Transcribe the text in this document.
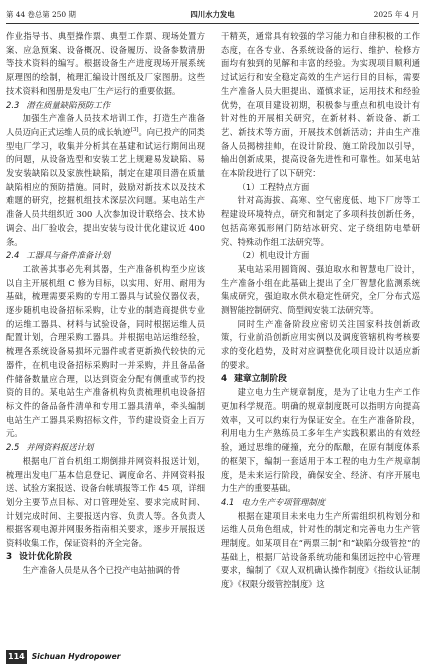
第 44 卷总第 250 期	四川水力发电	2025 年 4 月

作业指导书、典型操作票、典型工作票、现场处置方案、应急预案、设备概况、设备履历、设备参数清册等技术资料的编写。根据设备生产进度现场开展系统原理图的绘制，梳理汇编设计图纸及厂家图册。这些技术资料和图册是发电厂生产运行的重要依据。

2.3 潜在质量缺陷预防工作

加强生产准备人员技术培训工作，打造生产准备人员迈向正式运维人员的成长轨迹[3]。向已投产的同类型电厂学习，收集并分析其在基建和试运行期间出现的问题，从设备选型和安装工艺上规避易发缺陷、易发安装缺陷以及家族性缺陷，制定在建项目潜在质量缺陷相应的预防措施。同时，鼓励对新技术以及技术难题的研究，挖掘机组技术深层次问题。某电站生产准备人员共组织近 300 人次参加设计联络会、技术协调会、出厂验收会，提出安装与设计优化建议近 400 条。

2.4 工器具与备件准备计划

工欲善其事必先利其器，生产准备机构至少应该以自主开展机组 C 修为目标，以实用、好用、耐用为基础，梳理需要采购的专用工器具与试验仪器仪表，逐步随机电设备招标采购，让专业的制造商提供专业的运维工器具、材料与试验设备，同时根据运维人员配置计划，合理采购工器具。并根据电站运维经验，梳理各系统设备易损坏元器件或者更新换代较快的元器件，在机电设备招标采购时一并采购，并且备品备件储备数量应合理，以达到资金分配有侧重或节约投资的目的。某电站生产准备机构负责梳理机电设备招标文件的备品备件清单和专用工器具清单，牵头编制电站生产工器具采购招标文件，节约建设资金上百万元。

2.5 并网资料报送计划

根据电厂首台机组工期倒排并网资料报送计划，梳理出发电厂基本信息登记、调度命名、并网资料报送、试验方案报送、设备台帐填报等工作 45 项，详细划分主要节点目标、对口管理处室、要求完成时间、计划完成时间、主要报送内容、负责人等。各负责人根据客观电源并网服务指南相关要求，逐步开展报送资料收集工作，保证资料的齐全完备。

3 设计优化阶段

生产准备人员是从各个已投产电站抽调的骨

干精英，通常具有较强的学习能力和自律积极的工作态度，在各专业、各系统设备的运行、维护、检修方面均有独到的见解和丰富的经验。为实现项目顺利通过试运行和安全稳定高效的生产运行目的目标，需要生产准备人员大胆提出、谨慎求证，运用技术和经验优势，在项目建设初期，积极参与重点和机电设计有针对性的开展相关研究，在新材料、新设备、新工艺、新技术等方面，开展技术创新活动；并由生产准备人员揭榜挂帅，在设计阶段、施工阶段加以引导，输出创新成果，提高设备先进性和可靠性。如某电站在本阶段进行了以下研究：

（1）工程特点方面

针对高海拔、高寒、空气密度低、地下厂房等工程建设环境特点，研究和制定了多项科技创新任务，包括高寒弧形闸门防结冰研究、定子绕组防电晕研究、特殊动作组工法研究等。

（2）机电设计方面

某电站采用圆筒阀、强迫取水和智慧电厂设计，生产准备小组在此基础上提出了全厂智慧化监测系统集成研究，强迫取水供水稳定性研究，全厂分布式巡测智能控制研究、筒型阀安装工法研究等。

同时生产准备阶段应密切关注国家科技创新政策，行业前沿创新应用实例以及调度管辖机构考核要求的变化趋势，及时对应调整优化项目设计以适应新的要求。

4 建章立制阶段

建立电力生产规章制度，是为了让电力生产工作更加科学规范。明确的规章制度既可以指明方向提高效率，又可以约束行为保证安全。在生产准备阶段，利用电力生产熟练员工多年生产实践积累出的有效经验，通过思维的碰撞，充分的酝酿，在原有制度体系的框架下，编制一套适用于本工程的电力生产规章制度，是未来运行阶段，确保安全、经济、有序开展电力生产的重要基础。

4.1 电力生产专项管理制度

根据在建项目未来电力生产所需组织机构划分和运维人员角色组成，针对性的制定和完善电力生产管理制度。如某项目在“两票三制”和“缺陷分级管控”的基础上，根据厂站设备系统功能和集团远控中心管理要求，编制了《双人双机确认操作制度》《指纹认证制度》《权限分级管控制度》这

114 Sichuan Hydropower
